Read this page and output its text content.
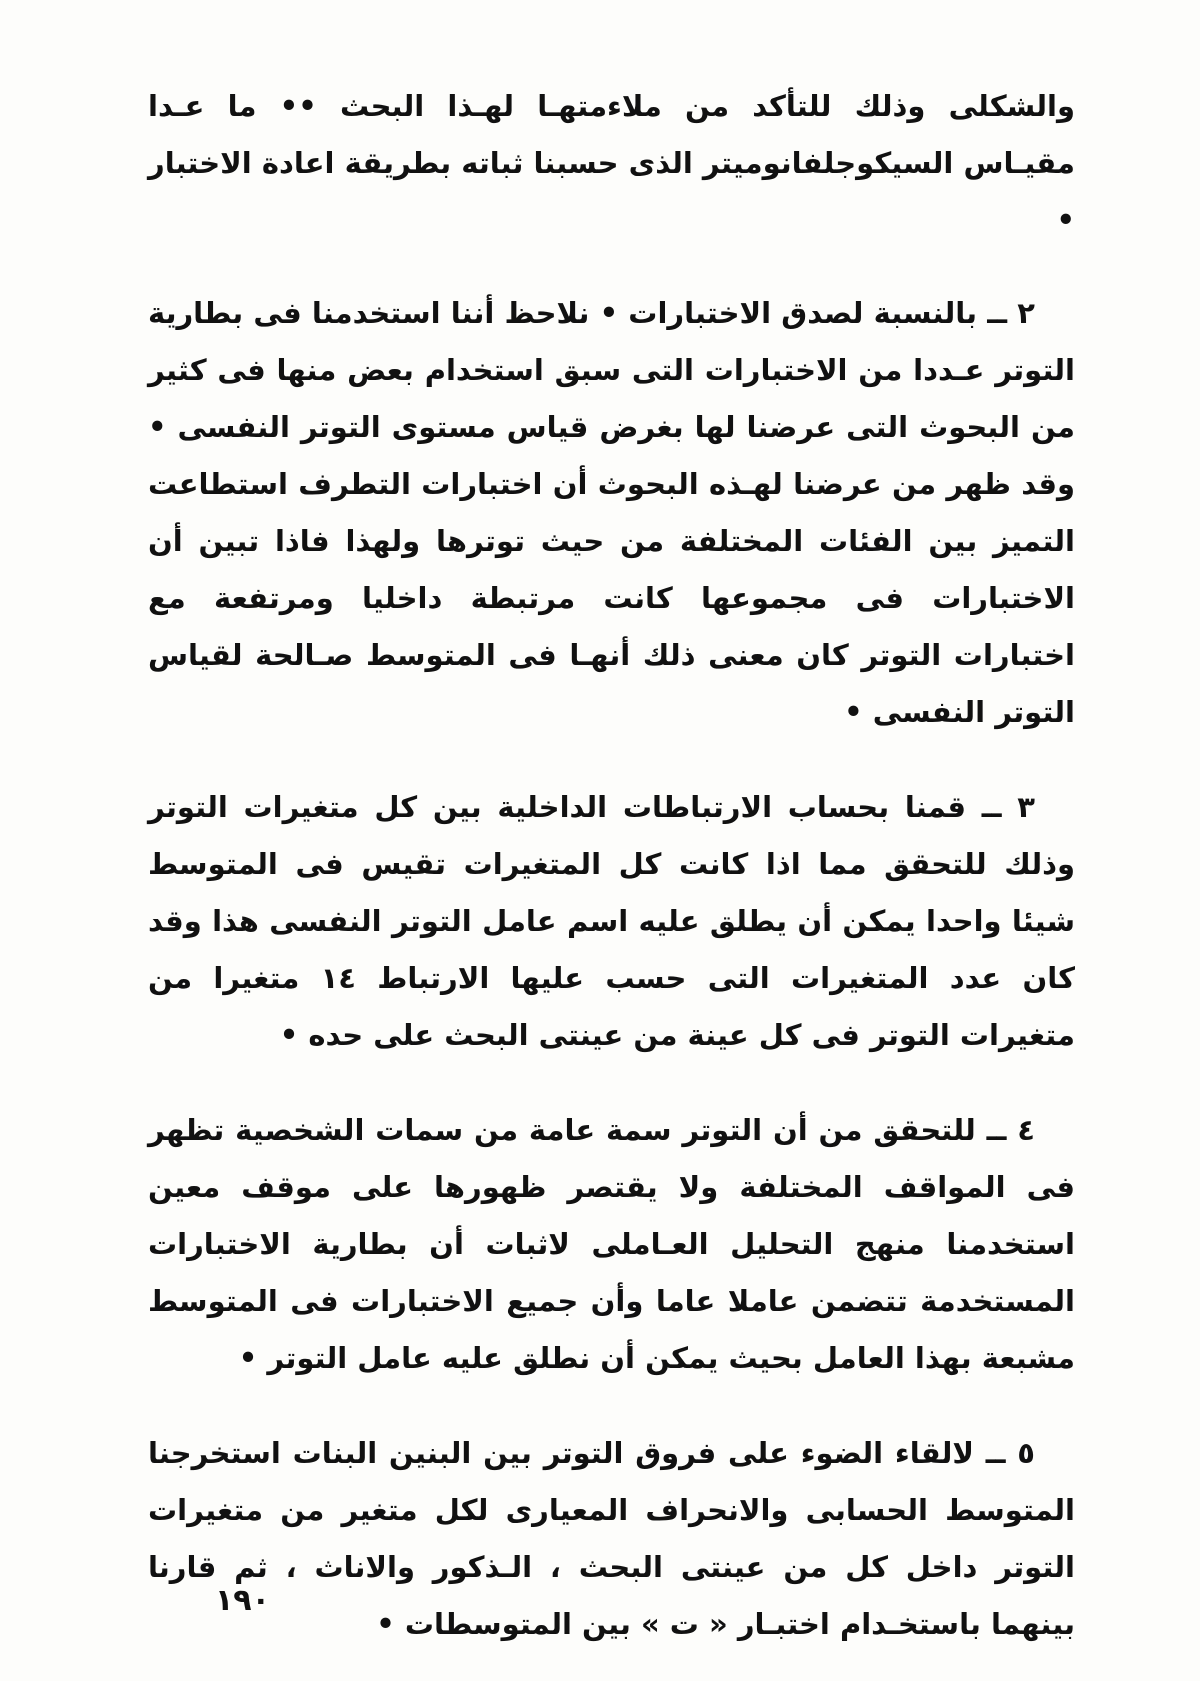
والشكلى وذلك للتأكد من ملاءمتهـا لهـذا البحث •• ما عـدا مقيـاس السيكوجلفانوميتر الذى حسبنا ثباته بطريقة اعادة الاختبار •

٢ ــ بالنسبة لصدق الاختبارات • نلاحظ أننا استخدمنا فى بطارية التوتر عـددا من الاختبارات التى سبق استخدام بعض منها فى كثير من البحوث التى عرضنا لها بغرض قياس مستوى التوتر النفسى • وقد ظهر من عرضنا لهـذه البحوث أن اختبارات التطرف استطاعت التميز بين الفئات المختلفة من حيث توترها ولهذا فاذا تبين أن الاختبارات فى مجموعها كانت مرتبطة داخليا ومرتفعة مع اختبارات التوتر كان معنى ذلك أنهـا فى المتوسط صـالحة لقياس التوتر النفسى •

٣ ــ قمنا بحساب الارتباطات الداخلية بين كل متغيرات التوتر وذلك للتحقق مما اذا كانت كل المتغيرات تقيس فى المتوسط شيئا واحدا يمكن أن يطلق عليه اسم عامل التوتر النفسى هذا وقد كان عدد المتغيرات التى حسب عليها الارتباط ١٤ متغيرا من متغيرات التوتر فى كل عينة من عينتى البحث على حده •

٤ ــ للتحقق من أن التوتر سمة عامة من سمات الشخصية تظهر فى المواقف المختلفة ولا يقتصر ظهورها على موقف معين استخدمنا منهج التحليل العـاملى لاثبات أن بطارية الاختبارات المستخدمة تتضمن عاملا عاما وأن جميع الاختبارات فى المتوسط مشبعة بهذا العامل بحيث يمكن أن نطلق عليه عامل التوتر •

٥ ــ لالقاء الضوء على فروق التوتر بين البنين البنات استخرجنا المتوسط الحسابى والانحراف المعيارى لكل متغير من متغيرات التوتر داخل كل من عينتى البحث ، الـذكور والاناث ، ثم قارنا بينهما باستخـدام اختبـار « ت » بين المتوسطات •

١٩٠
